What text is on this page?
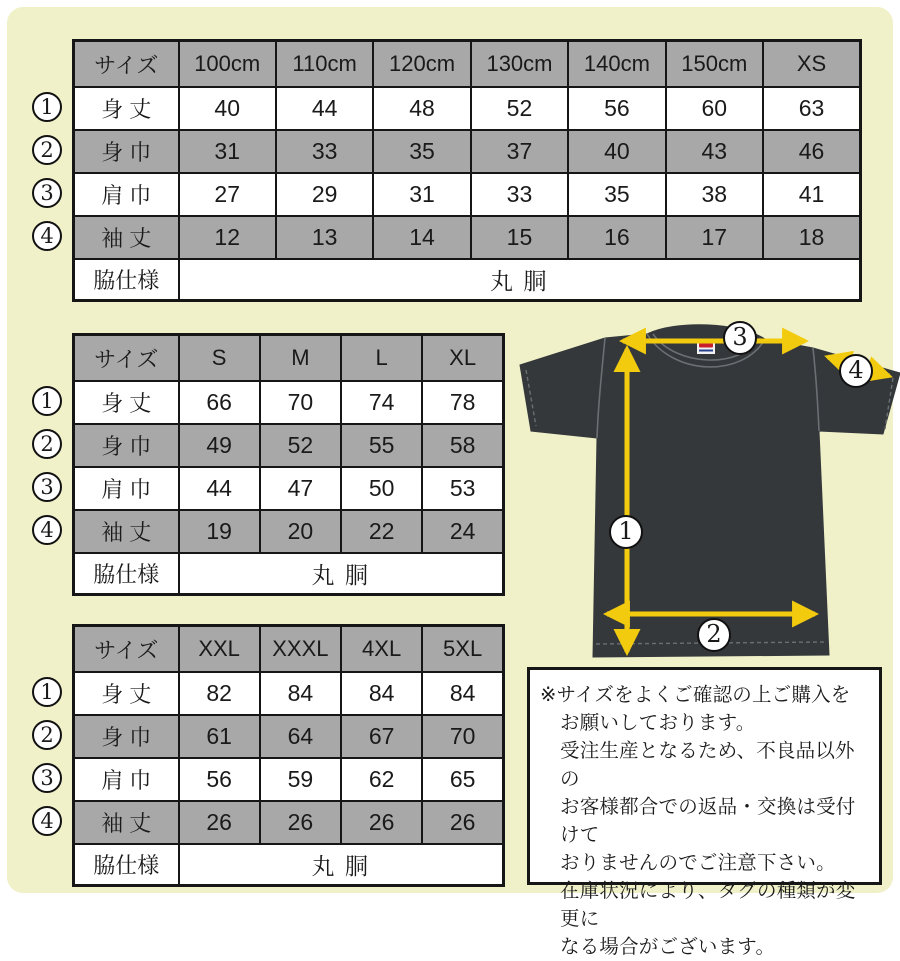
1
2
3
4
サイズ	100cm	110cm	120cm	130cm	140cm	150cm	XS
身 丈	40	44	48	52	56	60	63
身 巾	31	33	35	37	40	43	46
肩 巾	27	29	31	33	35	38	41
袖 丈	12	13	14	15	16	17	18
脇仕様	丸 胴						
1
2
3
4
サイズ	S	M	L	XL
身 丈	66	70	74	78
身 巾	49	52	55	58
肩 巾	44	47	50	53
袖 丈	19	20	22	24
脇仕様	丸 胴			
1
2
3
4
サイズ	XXL	XXXL	4XL	5XL
身 丈	82	84	84	84
身 巾	61	64	67	70
肩 巾	56	59	62	65
袖 丈	26	26	26	26
脇仕様	丸 胴			
1
2
3
4

※サイズをよくご確認の上ご購入を

お願いしております。

受注生産となるため、不良品以外の

お客様都合での返品・交換は受付けて

おりませんのでご注意下さい。

在庫状況により、タグの種類が変更に

なる場合がございます。
